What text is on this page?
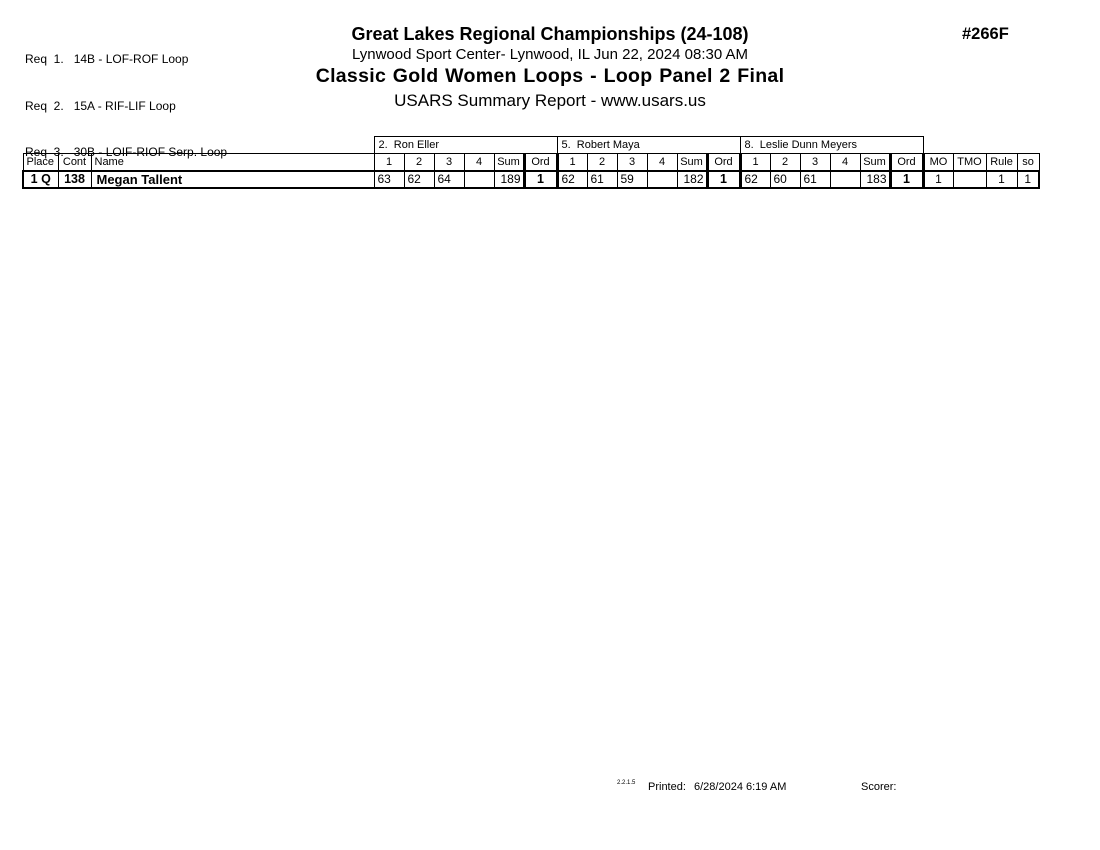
Req  1.   14B - LOF-ROF Loop

Req  2.   15A - RIF-LIF Loop

Req  3.   30B - LOIF-RIOF Serp. Loop

Great Lakes Regional Championships (24-108)
Lynwood Sport Center- Lynwood, IL Jun 22, 2024 08:30 AM
Classic Gold Women Loops - Loop Panel 2 Final
USARS Summary Report - www.usars.us
#266F
			2.  Ron Eller						5.  Robert Maya						8.  Leslie Dunn Meyers									
Place	Cont	Name	1	2	3	4	Sum	Ord	1	2	3	4	Sum	Ord	1	2	3	4	Sum	Ord	MO	TMO	Rule	so
1 Q	138	Megan Tallent	63	62	64		189	1	62	61	59		182	1	62	60	61		183	1	1		1	1
2.2.1.5 Printed: 6/28/2024 6:19 AM	Scorer:
